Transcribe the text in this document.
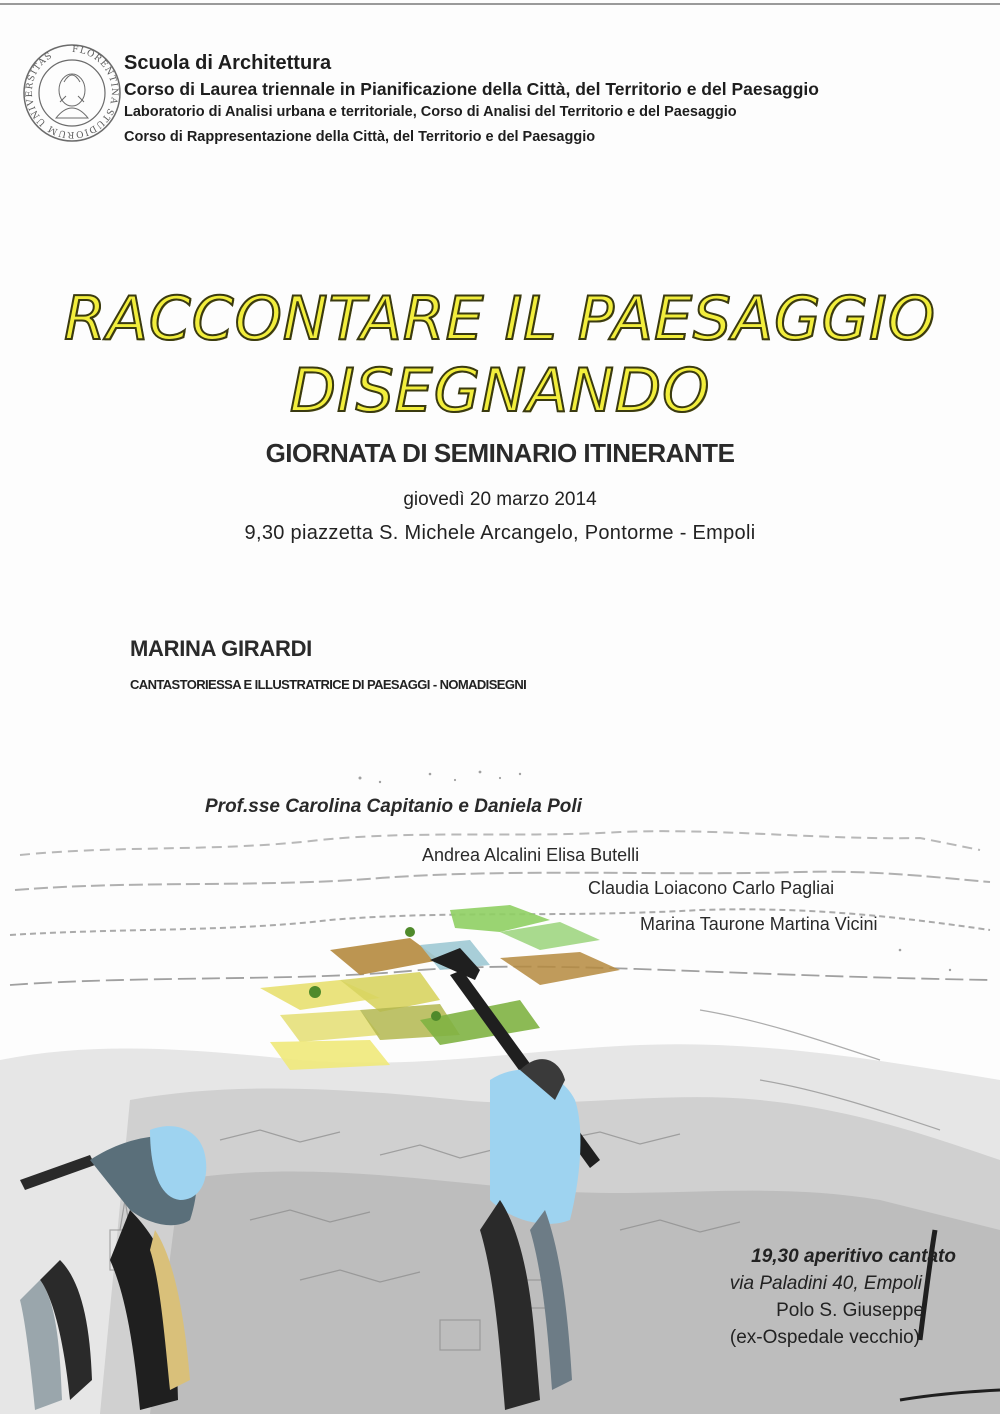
FLORENTINA STUDIORUM UNIVERSITAS	Scuola di Architettura
Corso di Laurea triennale in Pianificazione della Città, del Territorio e del Paesaggio
Laboratorio di Analisi urbana e territoriale, Corso di Analisi del Territorio e del Paesaggio
Corso di Rappresentazione della Città, del Territorio e del Paesaggio
RACCONTARE IL PAESAGGIO
DISEGNANDO
GIORNATA DI SEMINARIO ITINERANTE
giovedì 20 marzo 2014
9,30 piazzetta S. Michele Arcangelo, Pontorme - Empoli
MARINA GIRARDI
CANTASTORIESSA E ILLUSTRATRICE DI PAESAGGI - NOMADISEGNI
Prof.sse Carolina Capitanio e Daniela Poli
Andrea Alcalini Elisa Butelli
Claudia Loiacono Carlo Pagliai
Marina Taurone Martina Vicini
19,30 aperitivo cantato
via Paladini 40, Empoli
Polo S. Giuseppe
(ex-Ospedale vecchio)
